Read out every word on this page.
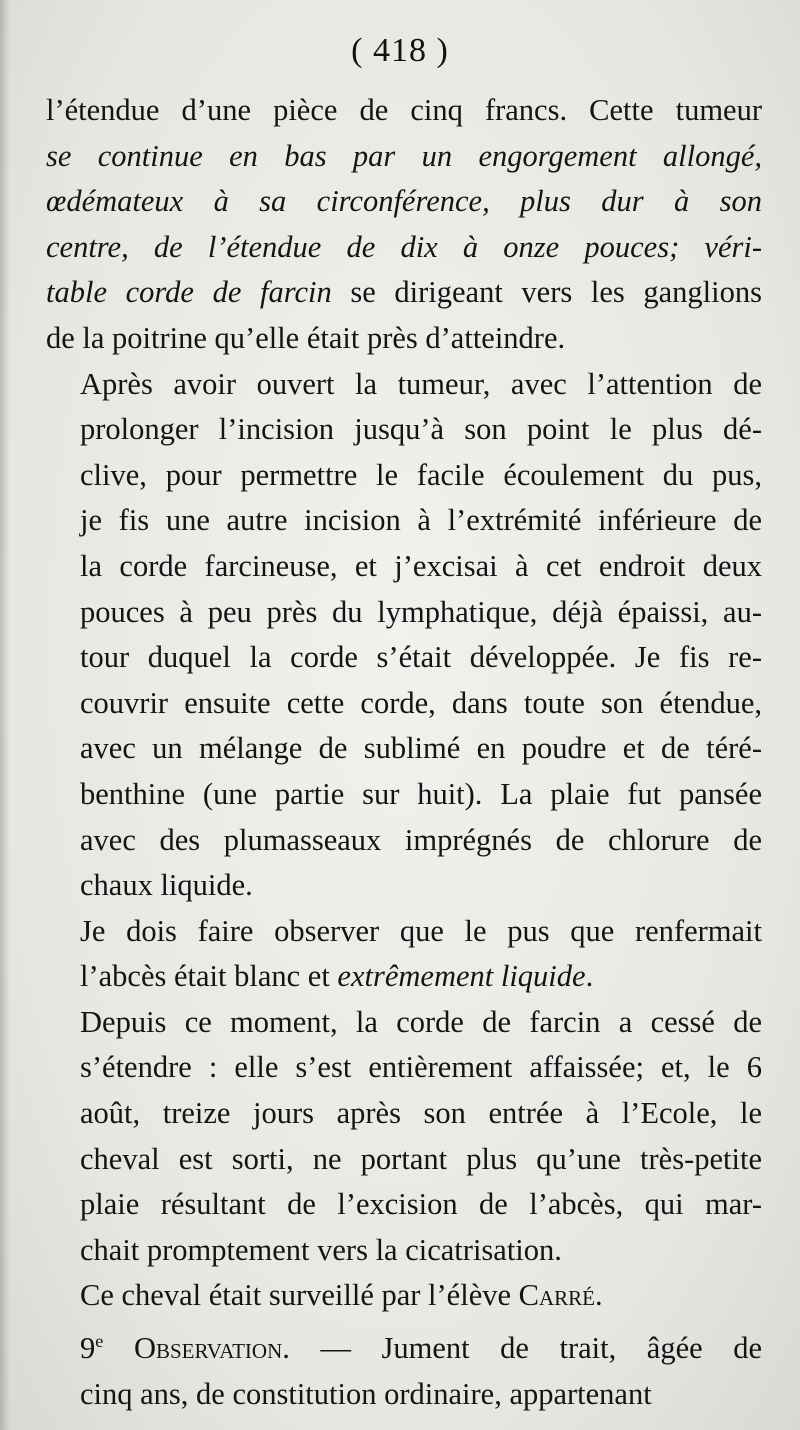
( 418 )

l’étendue d’une pièce de cinq francs. Cette tumeur
se continue en bas par un engorgement allongé,
œdémateux à sa circonférence, plus dur à son
centre, de l’étendue de dix à onze pouces; véri-
table corde de farcin se dirigeant vers les ganglions
de la poitrine qu’elle était près d’atteindre.

Après avoir ouvert la tumeur, avec l’attention de
prolonger l’incision jusqu’à son point le plus dé-
clive, pour permettre le facile écoulement du pus,
je fis une autre incision à l’extrémité inférieure de
la corde farcineuse, et j’excisai à cet endroit deux
pouces à peu près du lymphatique, déjà épaissi, au-
tour duquel la corde s’était développée. Je fis re-
couvrir ensuite cette corde, dans toute son étendue,
avec un mélange de sublimé en poudre et de téré-
benthine (une partie sur huit). La plaie fut pansée
avec des plumasseaux imprégnés de chlorure de
chaux liquide.

Je dois faire observer que le pus que renfermait
l’abcès était blanc et extrêmement liquide.

Depuis ce moment, la corde de farcin a cessé de
s’étendre : elle s’est entièrement affaissée; et, le 6
août, treize jours après son entrée à l’Ecole, le
cheval est sorti, ne portant plus qu’une très-petite
plaie résultant de l’excision de l’abcès, qui mar-
chait promptement vers la cicatrisation.

Ce cheval était surveillé par l’élève Carré.

9e Observation. — Jument de trait, âgée de
cinq ans, de constitution ordinaire, appartenant
